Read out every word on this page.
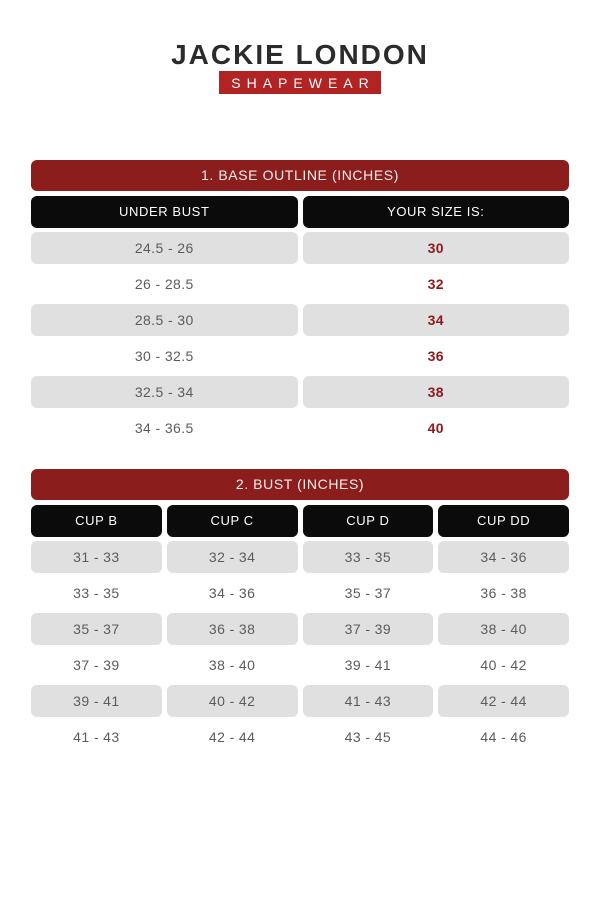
JACKIE LONDON
SHAPEWEAR
1. BASE OUTLINE (INCHES)
UNDER BUST	YOUR SIZE IS:
24.5 - 26	30
26 - 28.5	32
28.5 - 30	34
30 - 32.5	36
32.5 - 34	38
34 - 36.5	40
2. BUST (INCHES)
CUP B	CUP C	CUP D	CUP DD
31 - 33	32 - 34	33 - 35	34 - 36
33 - 35	34 - 36	35 - 37	36 - 38
35 - 37	36 - 38	37 - 39	38 - 40
37 - 39	38 - 40	39 - 41	40 - 42
39 - 41	40 - 42	41 - 43	42 - 44
41 - 43	42 - 44	43 - 45	44 - 46
